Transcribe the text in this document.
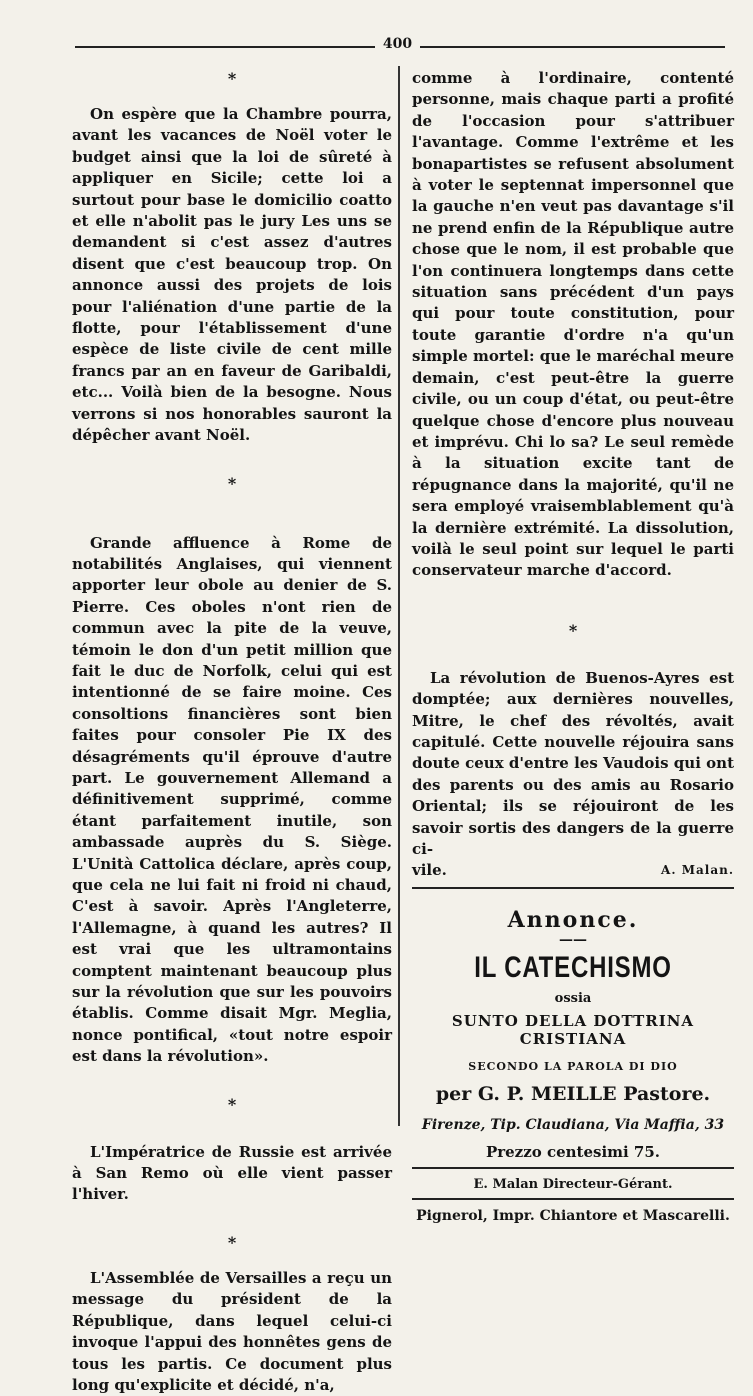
400
*

On espère que la Chambre pourra, avant les vacances de Noël voter le budget ainsi que la loi de sûreté à appliquer en Sicile; cette loi a surtout pour base le domicilio coatto et elle n'abolit pas le jury Les uns se demandent si c'est assez d'autres disent que c'est beaucoup trop. On annonce aussi des projets de lois pour l'aliénation d'une partie de la flotte, pour l'établissement d'une espèce de liste civile de cent mille francs par an en faveur de Garibaldi, etc... Voilà bien de la besogne. Nous verrons si nos honorables sauront la dépêcher avant Noël.

*

Grande affluence à Rome de notabilités Anglaises, qui viennent apporter leur obole au denier de S. Pierre. Ces oboles n'ont rien de commun avec la pite de la veuve, témoin le don d'un petit million que fait le duc de Norfolk, celui qui est intentionné de se faire moine. Ces consoltions financières sont bien faites pour consoler Pie IX des désagréments qu'il éprouve d'autre part. Le gouvernement Allemand a définitivement supprimé, comme étant parfaitement inutile, son ambassade auprès du S. Siège. L'Unità Cattolica déclare, après coup, que cela ne lui fait ni froid ni chaud, C'est à savoir. Après l'Angleterre, l'Allemagne, à quand les autres? Il est vrai que les ultramontains comptent maintenant beaucoup plus sur la révolution que sur les pouvoirs établis. Comme disait Mgr. Meglia, nonce pontifical, «tout notre espoir est dans la révolution».

*

L'Impératrice de Russie est arrivée à San Remo où elle vient passer l'hiver.

*

L'Assemblée de Versailles a reçu un message du président de la République, dans lequel celui-ci invoque l'appui des honnêtes gens de tous les partis. Ce document plus long qu'explicite et décidé, n'a,

comme à l'ordinaire, contenté personne, mais chaque parti a profité de l'occasion pour s'attribuer l'avantage. Comme l'extrême et les bonapartistes se refusent absolument à voter le septennat impersonnel que la gauche n'en veut pas davantage s'il ne prend enfin de la République autre chose que le nom, il est probable que l'on continuera longtemps dans cette situation sans précédent d'un pays qui pour toute constitution, pour toute garantie d'ordre n'a qu'un simple mortel: que le maréchal meure demain, c'est peut-être la guerre civile, ou un coup d'état, ou peut-être quelque chose d'encore plus nouveau et imprévu. Chi lo sa? Le seul remède à la situation excite tant de répugnance dans la majorité, qu'il ne sera employé vraisemblablement qu'à la dernière extrémité. La dissolution, voilà le seul point sur lequel le parti conservateur marche d'accord.

*

La révolution de Buenos-Ayres est domptée; aux dernières nouvelles, Mitre, le chef des révoltés, avait capitulé. Cette nouvelle réjouira sans doute ceux d'entre les Vaudois qui ont des parents ou des amis au Rosario Oriental; ils se réjouiront de les savoir sortis des dangers de la guerre ci-

vile.	A. Malan.
Annonce.
——
IL CATECHISMO
ossia
SUNTO DELLA DOTTRINA CRISTIANA
SECONDO LA PAROLA DI DIO
per G. P. MEILLE Pastore.
Firenze, Tip. Claudiana, Via Maffia, 33
Prezzo centesimi 75.
E. Malan Directeur-Gérant.
Pignerol, Impr. Chiantore et Mascarelli.
